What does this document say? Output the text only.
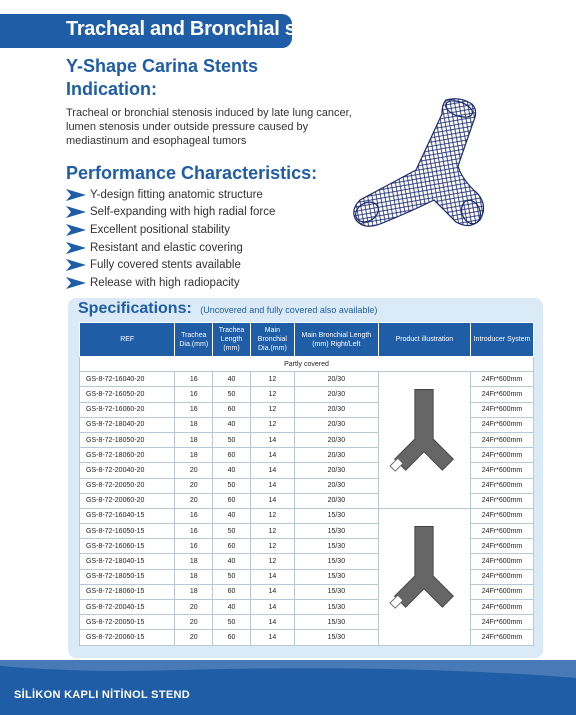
Tracheal and Bronchial stent
Y-Shape Carina Stents
Indication:

Tracheal or bronchial stenosis induced by late lung cancer, lumen stenosis under outside pressure caused by mediastinum and esophageal tumors

Performance Characteristics:
Y-design fitting anatomic structure
Self-expanding with high radial force
Excellent positional stability
Resistant and elastic covering
Fully covered stents available
Release with high radiopacity
Specifications: (Uncovered and fully covered also available)
REF	Trachea Dia.(mm)	Trachea Length (mm)	Main Bronchial Dia.(mm)	Main Bronchial Length (mm) Right/Left	Product illustration	Introducer System
Partly covered						
GS-8-72-16040-20	16	40	12	20/30		24Fr*600mm
GS-8-72-16050-20	16	50	12	20/30		24Fr*600mm
GS-8-72-16060-20	16	60	12	20/30		24Fr*600mm
GS-8-72-18040-20	18	40	12	20/30		24Fr*600mm
GS-8-72-18050-20	18	50	14	20/30		24Fr*600mm
GS-8-72-18060-20	18	60	14	20/30		24Fr*600mm
GS-8-72-20040-20	20	40	14	20/30		24Fr*600mm
GS-8-72-20050-20	20	50	14	20/30		24Fr*600mm
GS-8-72-20060-20	20	60	14	20/30		24Fr*600mm
GS-8-72-16040-15	16	40	12	15/30		24Fr*600mm
GS-8-72-16050-15	16	50	12	15/30		24Fr*600mm
GS-8-72-16060-15	16	60	12	15/30		24Fr*600mm
GS-8-72-18040-15	18	40	12	15/30		24Fr*600mm
GS-8-72-18050-15	18	50	14	15/30		24Fr*600mm
GS-8-72-18060-15	18	60	14	15/30		24Fr*600mm
GS-8-72-20040-15	20	40	14	15/30		24Fr*600mm
GS-8-72-20050-15	20	50	14	15/30		24Fr*600mm
GS-8-72-20060-15	20	60	14	15/30		24Fr*600mm
SİLİKON KAPLI NİTİNOL STEND
